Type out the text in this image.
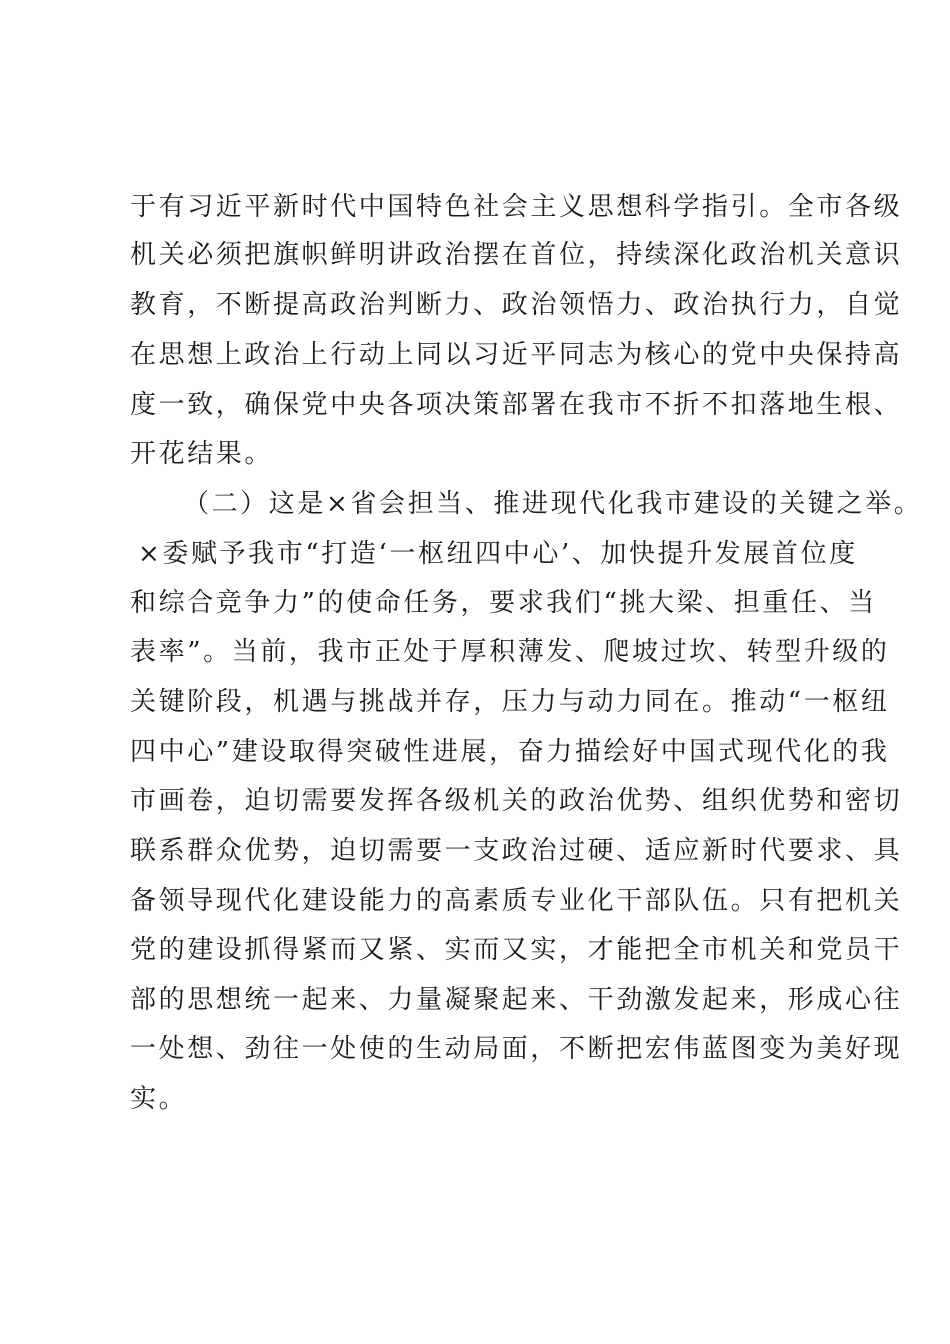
于有习近平新时代中国特色社会主义思想科学指引。全市各级
机关必须把旗帜鲜明讲政治摆在首位，持续深化政治机关意识
教育，不断提高政治判断力、政治领悟力、政治执行力，自觉
在思想上政治上行动上同以习近平同志为核心的党中央保持高
度一致，确保党中央各项决策部署在我市不折不扣落地生根、
开花结果。
（二）这是×省会担当、推进现代化我市建设的关键之举。
×委赋予我市“打造‘一枢纽四中心’、加快提升发展首位度
和综合竞争力”的使命任务，要求我们“挑大梁、担重任、当
表率”。当前，我市正处于厚积薄发、爬坡过坎、转型升级的
关键阶段，机遇与挑战并存，压力与动力同在。推动“一枢纽
四中心”建设取得突破性进展，奋力描绘好中国式现代化的我
市画卷，迫切需要发挥各级机关的政治优势、组织优势和密切
联系群众优势，迫切需要一支政治过硬、适应新时代要求、具
备领导现代化建设能力的高素质专业化干部队伍。只有把机关
党的建设抓得紧而又紧、实而又实，才能把全市机关和党员干
部的思想统一起来、力量凝聚起来、干劲激发起来，形成心往
一处想、劲往一处使的生动局面，不断把宏伟蓝图变为美好现
实。
